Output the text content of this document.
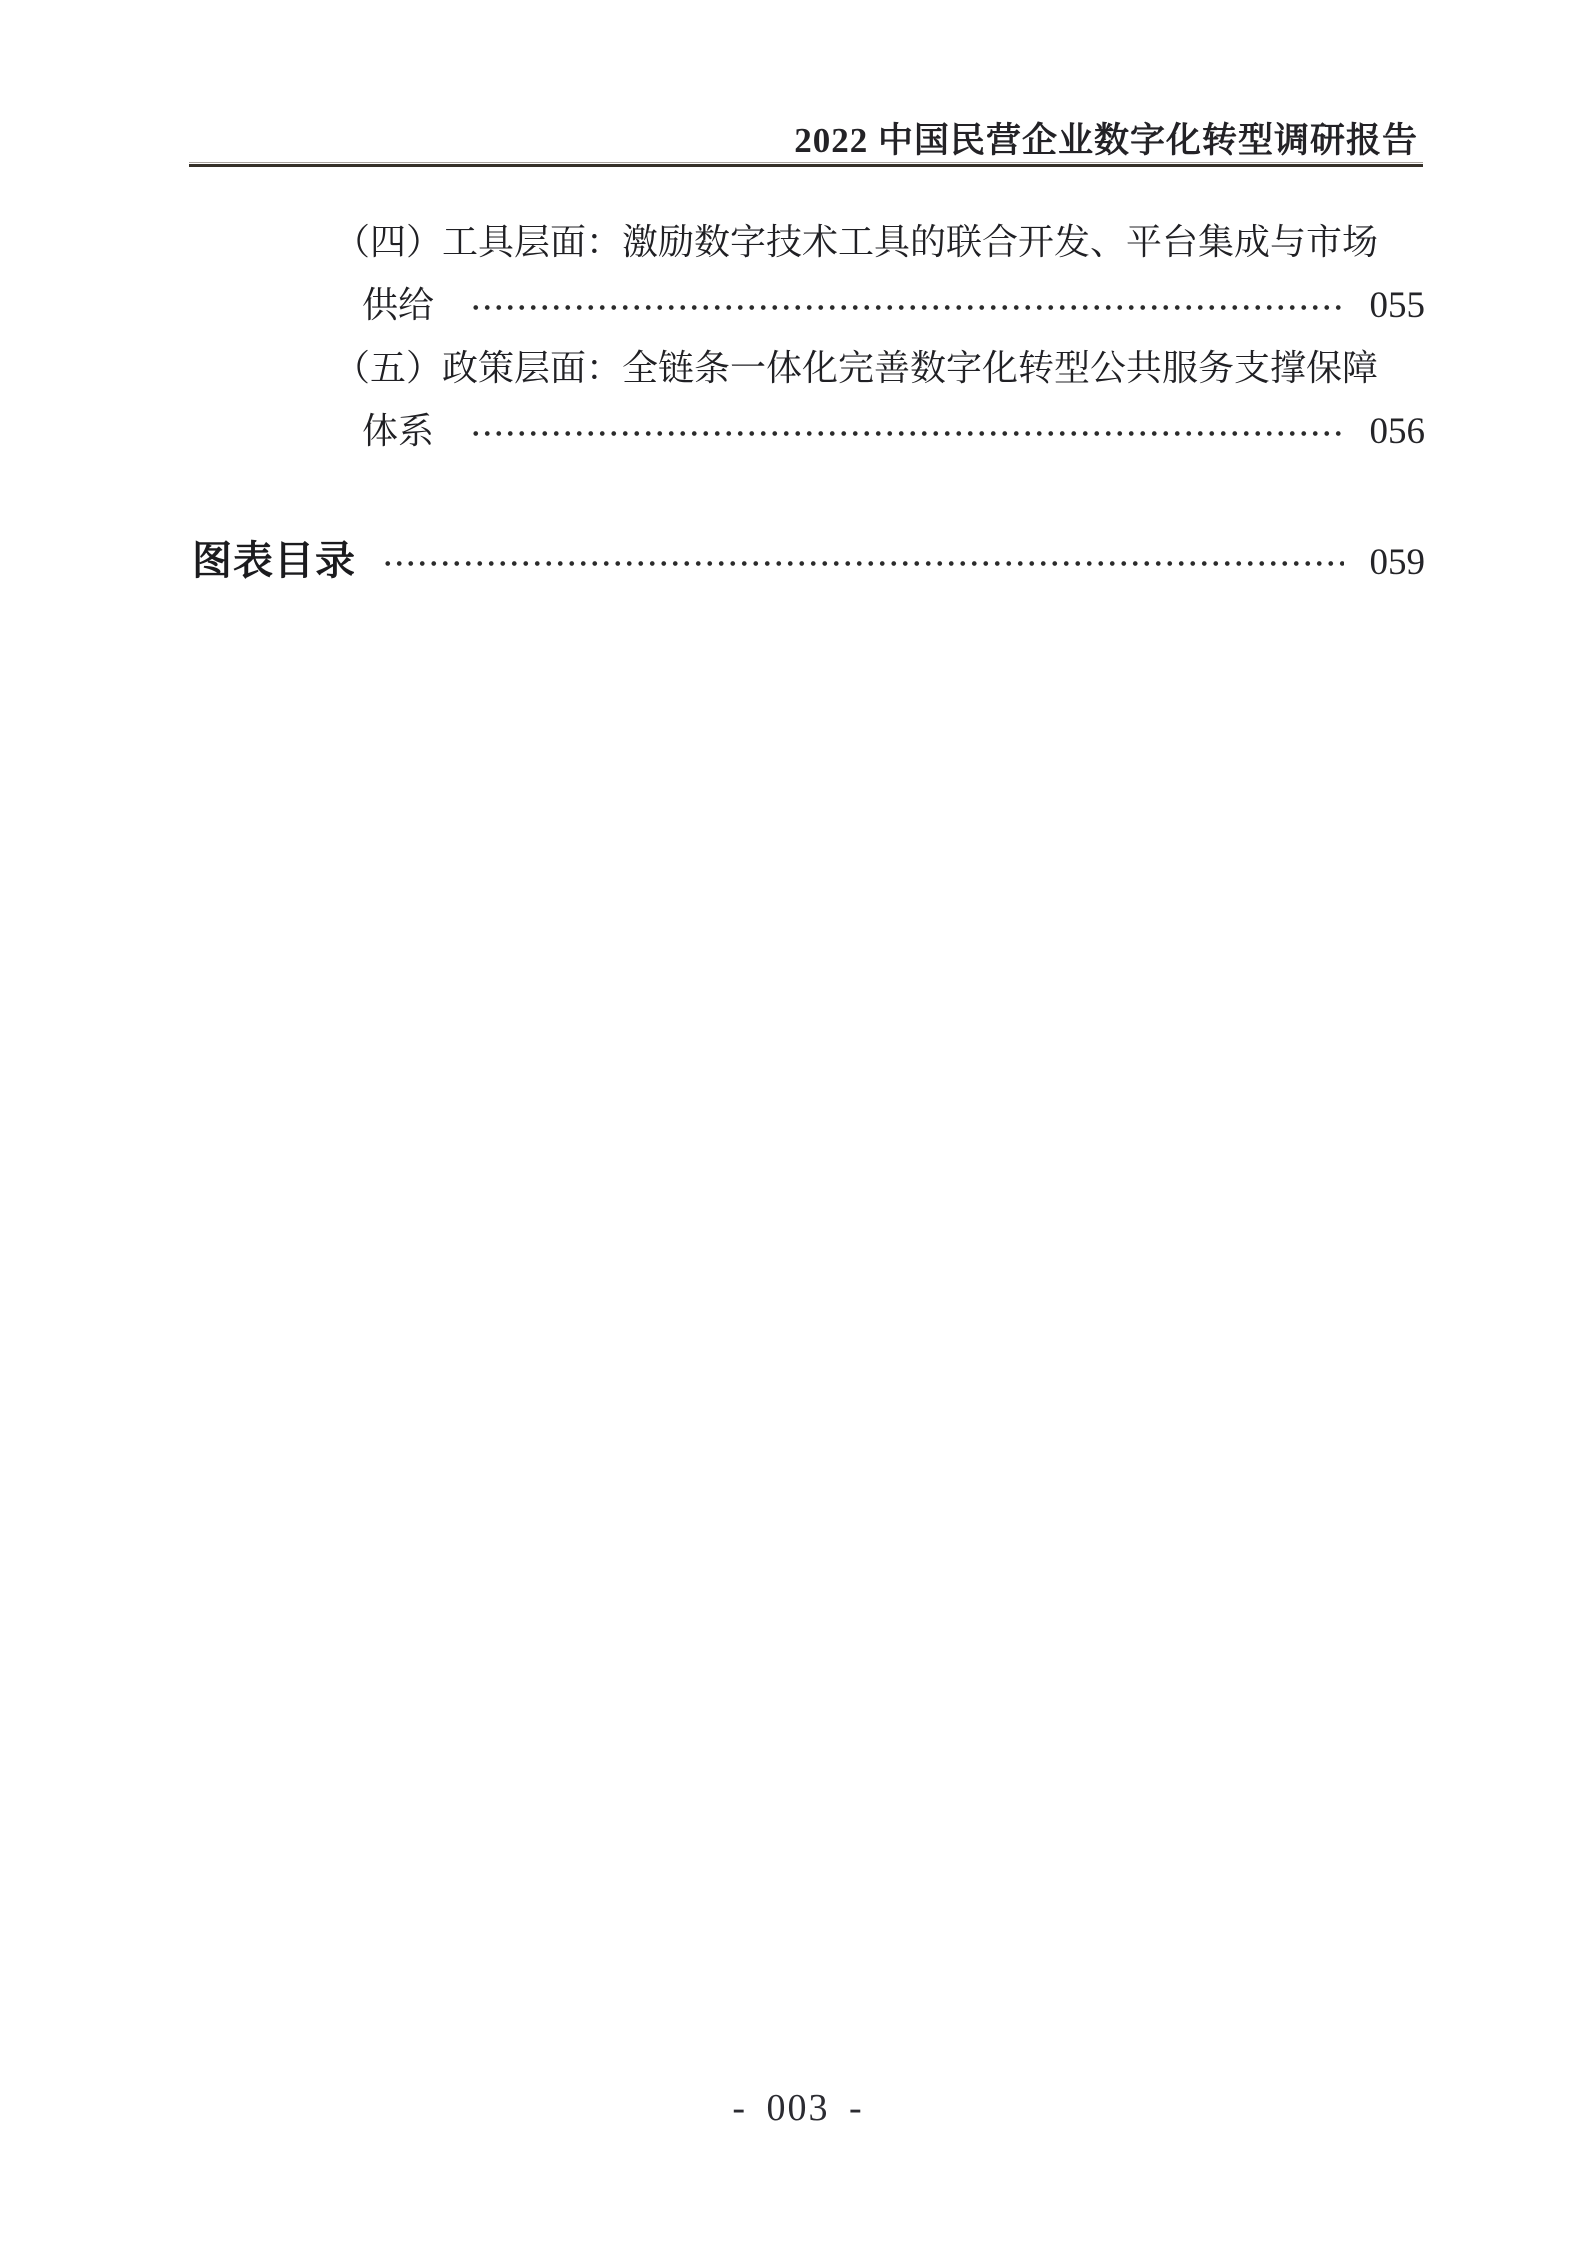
2022 中国民营企业数字化转型调研报告
（四）工具层面：激励数字技术工具的联合开发、平台集成与市场
供给	055
（五）政策层面：全链条一体化完善数字化转型公共服务支撑保障
体系	056
图表目录	059
- 003 -
